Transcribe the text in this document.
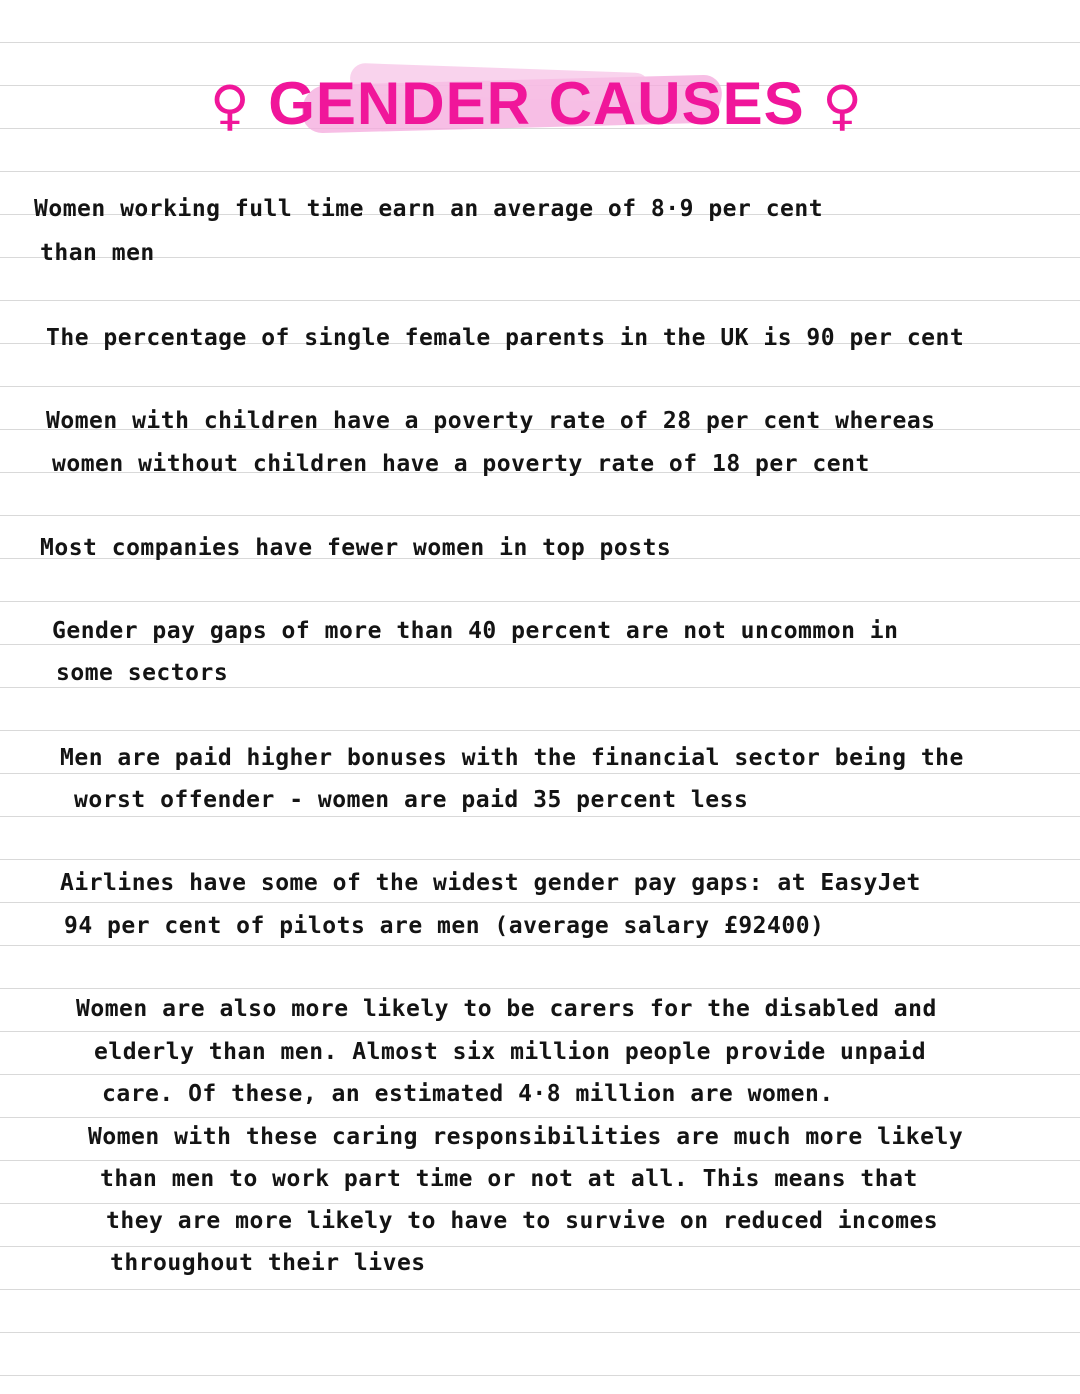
♀ GENDER CAUSES ♀
Women working full time earn an average of 8·9 per cent
than men
The percentage of single female parents in the UK is 90 per cent
Women with children have a poverty rate of 28 per cent whereas
women without children have a poverty rate of 18 per cent
Most companies have fewer women in top posts
Gender pay gaps of more than 40 percent are not uncommon in
some sectors
Men are paid higher bonuses with the financial sector being the
worst offender - women are paid 35 percent less
Airlines have some of the widest gender pay gaps: at EasyJet
94 per cent of pilots are men (average salary £92400)
Women are also more likely to be carers for the disabled and
elderly than men. Almost six million people provide unpaid
care. Of these, an estimated 4·8 million are women.
Women with these caring responsibilities are much more likely
than men to work part time or not at all. This means that
they are more likely to have to survive on reduced incomes
throughout their lives
